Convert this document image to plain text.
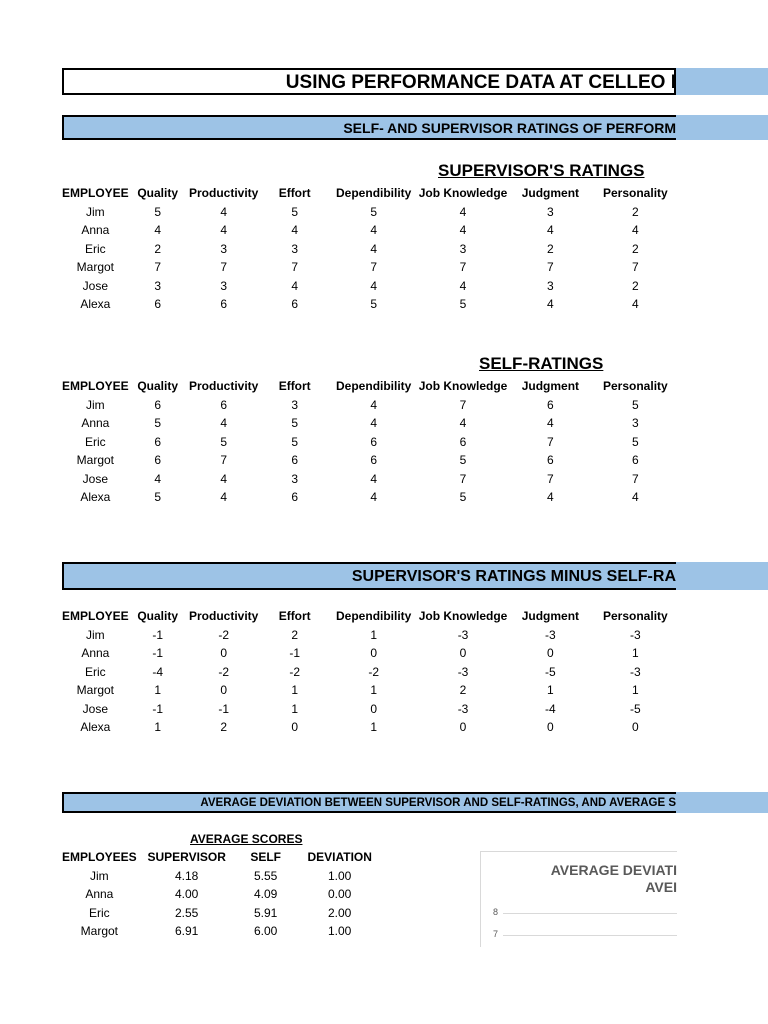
USING PERFORMANCE DATA AT CELLEO I
SELF- AND SUPERVISOR RATINGS OF PERFORM
SUPERVISOR'S RATINGS
EMPLOYEE	Quality	Productivity	Effort	Dependibility	Job Knowledge	Judgment	Personality
Jim	5	4	5	5	4	3	2
Anna	4	4	4	4	4	4	4
Eric	2	3	3	4	3	2	2
Margot	7	7	7	7	7	7	7
Jose	3	3	4	4	4	3	2
Alexa	6	6	6	5	5	4	4
SELF-RATINGS
EMPLOYEE	Quality	Productivity	Effort	Dependibility	Job Knowledge	Judgment	Personality
Jim	6	6	3	4	7	6	5
Anna	5	4	5	4	4	4	3
Eric	6	5	5	6	6	7	5
Margot	6	7	6	6	5	6	6
Jose	4	4	3	4	7	7	7
Alexa	5	4	6	4	5	4	4
SUPERVISOR'S RATINGS MINUS SELF-RA
EMPLOYEE	Quality	Productivity	Effort	Dependibility	Job Knowledge	Judgment	Personality
Jim	-1	-2	2	1	-3	-3	-3
Anna	-1	0	-1	0	0	0	1
Eric	-4	-2	-2	-2	-3	-5	-3
Margot	1	0	1	1	2	1	1
Jose	-1	-1	1	0	-3	-4	-5
Alexa	1	2	0	1	0	0	0
AVERAGE DEVIATION BETWEEN SUPERVISOR AND SELF-RATINGS, AND AVERAGE S
AVERAGE SCORES
EMPLOYEES	SUPERVISOR	SELF	DEVIATION
Jim	4.18	5.55	1.00
Anna	4.00	4.09	0.00
Eric	2.55	5.91	2.00
Margot	6.91	6.00	1.00
AVERAGE DEVIATI
AVEI
8
7
